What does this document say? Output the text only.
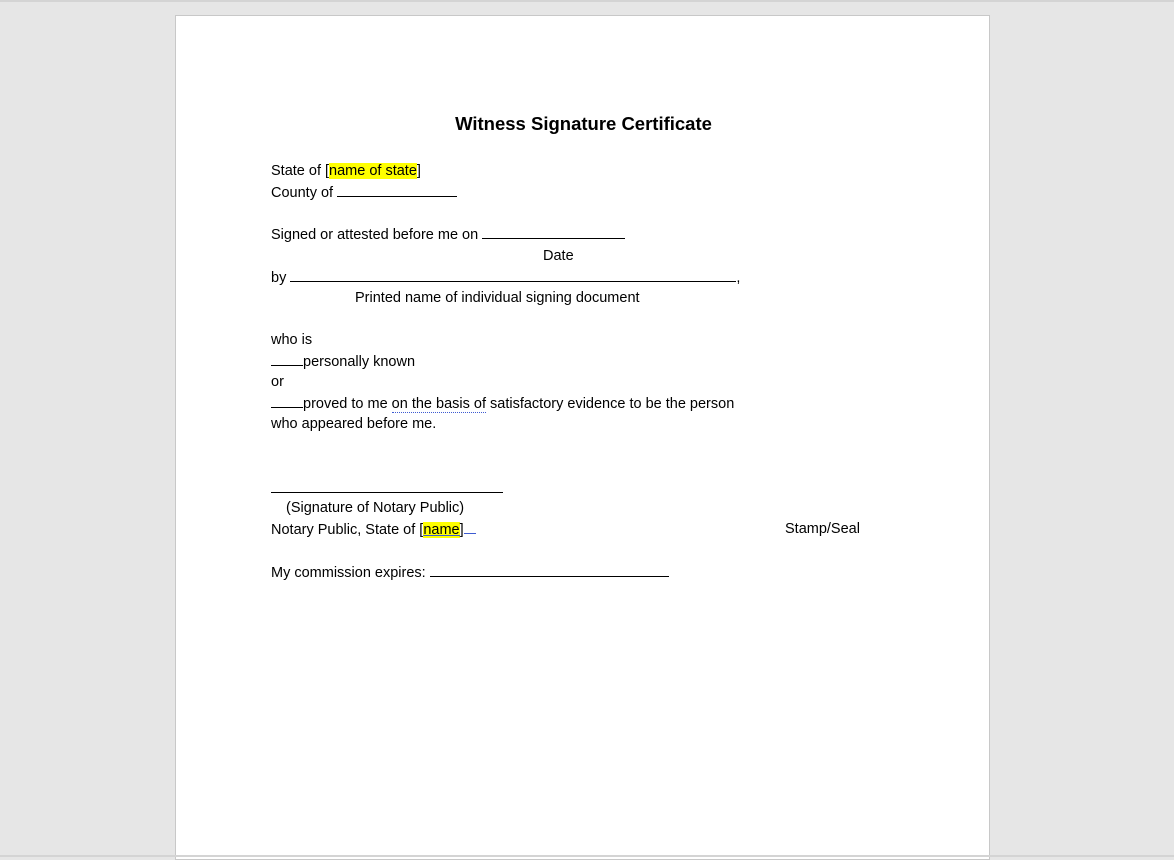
Witness Signature Certificate
State of [name of state]
County of
Signed or attested before me on
Date
by	,
Printed name of individual signing document
who is
personally known
or
proved to me on the basis of satisfactory evidence to be the person
who appeared before me.
(Signature of Notary Public)
Notary Public, State of [name]	Stamp/Seal
My commission expires:
